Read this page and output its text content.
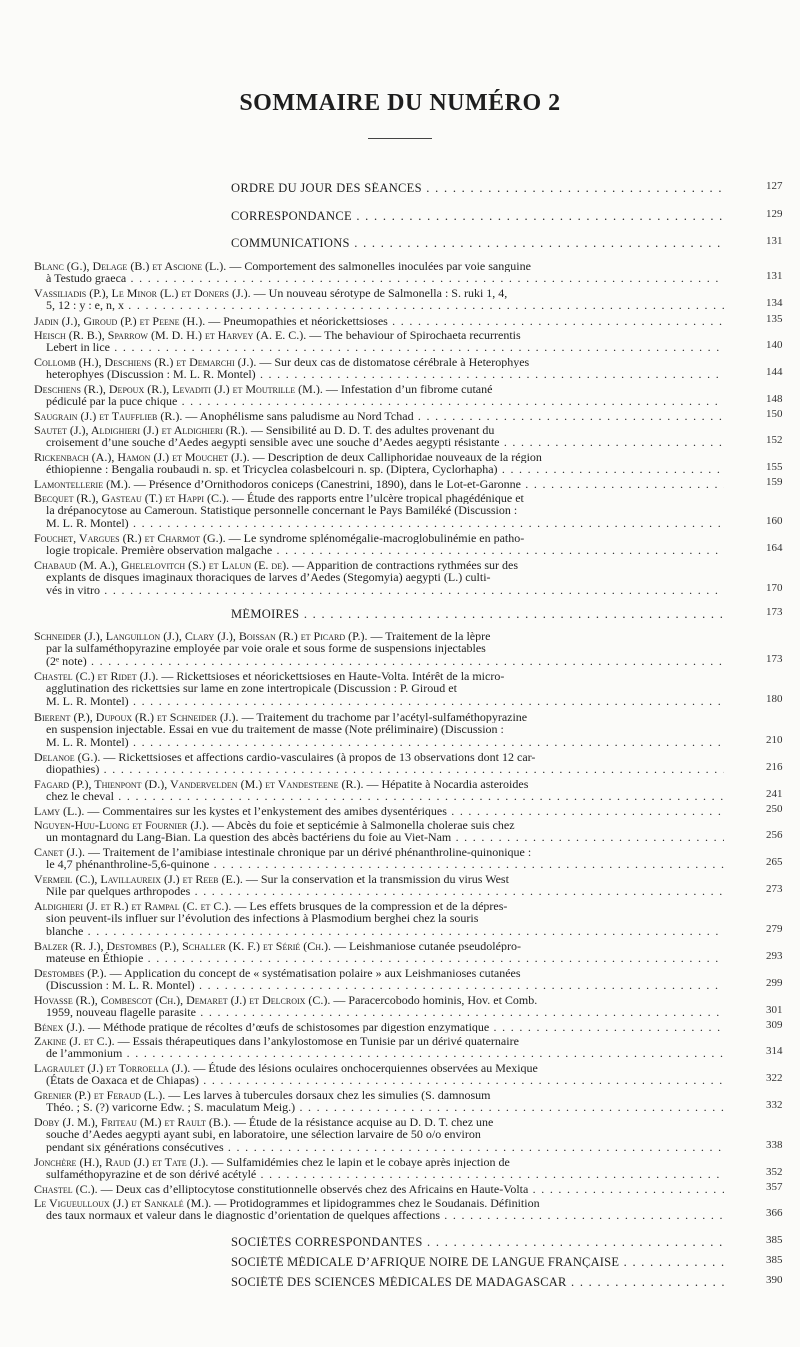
SOMMAIRE DU NUMÉRO 2
ORDRE DU JOUR DES SÉANCES . . .	127
CORRESPONDANCE . . .	129
COMMUNICATIONS . . .	131
Blanc (G.), Delage (B.) et Ascione (L.). — Comportement des salmonelles inoculées par voie sanguine
à Testudo graeca . . .	131
Vassiliadis (P.), Le Minor (L.) et Doners (J.). — Un nouveau sérotype de Salmonella : S. ruki 1, 4,
5, 12 : y : e, n, x . . .	134
Jadin (J.), Giroud (P.) et Peene (H.). — Pneumopathies et néorickettsioses . . .	135
Heisch (R. B.), Sparrow (M. D. H.) et Harvey (A. E. C.). — The behaviour of Spirochaeta recurrentis
Lebert in lice . . .	140
Collomb (H.), Deschiens (R.) et Demarchi (J.). — Sur deux cas de distomatose cérébrale à Heterophyes
heterophyes (Discussion : M. L. R. Montel) . . .	144
Deschiens (R.), Depoux (R.), Levaditi (J.) et Moutrille (M.). — Infestation d’un fibrome cutané
pédiculé par la puce chique . . .	148
Saugrain (J.) et Taufflieb (R.). — Anophélisme sans paludisme au Nord Tchad . . .	150
Sautet (J.), Aldighieri (J.) et Aldighieri (R.). — Sensibilité au D. D. T. des adultes provenant du
croisement d’une souche d’Aedes aegypti sensible avec une souche d’Aedes aegypti résistante . . .	152
Rickenbach (A.), Hamon (J.) et Mouchet (J.). — Description de deux Calliphoridae nouveaux de la région
éthiopienne : Bengalia roubaudi n. sp. et Tricyclea colasbelcouri n. sp. (Diptera, Cyclorhapha) . . .	155
Lamontellerie (M.). — Présence d’Ornithodoros coniceps (Canestrini, 1890), dans le Lot-et-Garonne . . .	159
Becquet (R.), Gasteau (T.) et Happi (C.). — Étude des rapports entre l’ulcère tropical phagédénique et
la drépanocytose au Cameroun. Statistique personnelle concernant le Pays Bamiléké (Discussion :
M. L. R. Montel) . . .	160
Fouchet, Vargues (R.) et Charmot (G.). — Le syndrome splénomégalie-macroglobulinémie en patho-
logie tropicale. Première observation malgache . . .	164
Chabaud (M. A.), Ghelelovitch (S.) et Lalun (E. de). — Apparition de contractions rythmées sur des
explants de disques imaginaux thoraciques de larves d’Aedes (Stegomyia) aegypti (L.) culti-
vés in vitro . . .	170
MÉMOIRES . . .	173
Schneider (J.), Languillon (J.), Clary (J.), Boissan (R.) et Picard (P.). — Traitement de la lèpre
par la sulfaméthopyrazine employée par voie orale et sous forme de suspensions injectables
(2ᵉ note) . . .	173
Chastel (C.) et Ridet (J.). — Rickettsioses et néorickettsioses en Haute-Volta. Intérêt de la micro-
agglutination des rickettsies sur lame en zone intertropicale (Discussion : P. Giroud et
M. L. R. Montel) . . .	180
Bierent (P.), Dupoux (R.) et Schneider (J.). — Traitement du trachome par l’acétyl-sulfaméthopyrazine
en suspension injectable. Essai en vue du traitement de masse (Note préliminaire) (Discussion :
M. L. R. Montel) . . .	210
Delanoe (G.). — Rickettsioses et affections cardio-vasculaires (à propos de 13 observations dont 12 car-
diopathies) . . .	216
Fagard (P.), Thienpont (D.), Vandervelden (M.) et Vandesteene (R.). — Hépatite à Nocardia asteroides
chez le cheval . . .	241
Lamy (L.). — Commentaires sur les kystes et l’enkystement des amibes dysentériques . . .	250
Nguyen-Huu-Luong et Fournier (J.). — Abcès du foie et septicémie à Salmonella cholerae suis chez
un montagnard du Lang-Bian. La question des abcès bactériens du foie au Viet-Nam . . .	256
Canet (J.). — Traitement de l’amibiase intestinale chronique par un dérivé phénanthroline-quinonique :
le 4,7 phénanthroline-5,6-quinone . . .	265
Vermeil (C.), Lavillaureix (J.) et Reeb (E.). — Sur la conservation et la transmission du virus West
Nile par quelques arthropodes . . .	273
Aldighieri (J. et R.) et Rampal (C. et C.). — Les effets brusques de la compression et de la dépres-
sion peuvent-ils influer sur l’évolution des infections à Plasmodium berghei chez la souris
blanche . . .	279
Balzer (R. J.), Destombes (P.), Schaller (K. F.) et Sérié (Ch.). — Leishmaniose cutanée pseudolépro-
mateuse en Éthiopie . . .	293
Destombes (P.). — Application du concept de « systématisation polaire » aux Leishmanioses cutanées
(Discussion : M. L. R. Montel) . . .	299
Hovasse (R.), Combescot (Ch.), Demaret (J.) et Delcroix (C.). — Paracercobodo hominis, Hov. et Comb.
1959, nouveau flagelle parasite . . .	301
Bénex (J.). — Méthode pratique de récoltes d’œufs de schistosomes par digestion enzymatique . . .	309
Zakine (J. et C.). — Essais thérapeutiques dans l’ankylostomose en Tunisie par un dérivé quaternaire
de l’ammonium . . .	314
Lagraulet (J.) et Torroella (J.). — Étude des lésions oculaires onchocerquiennes observées au Mexique
(États de Oaxaca et de Chiapas) . . .	322
Grenier (P.) et Feraud (L.). — Les larves à tubercules dorsaux chez les simulies (S. damnosum
Théo. ; S. (?) varicorne Edw. ; S. maculatum Meig.) . . .	332
Doby (J. M.), Friteau (M.) et Rault (B.). — Étude de la résistance acquise au D. D. T. chez une
souche d’Aedes aegypti ayant subi, en laboratoire, une sélection larvaire de 50 o/o environ
pendant six générations consécutives . . .	338
Jonchère (H.), Raud (J.) et Tate (J.). — Sulfamidémies chez le lapin et le cobaye après injection de
sulfaméthopyrazine et de son dérivé acétylé . . .	352
Chastel (C.). — Deux cas d’elliptocytose constitutionnelle observés chez des Africains en Haute-Volta . . .	357
Le Vigueulloux (J.) et Sankalé (M.). — Protidogrammes et lipidogrammes chez le Soudanais. Définition
des taux normaux et valeur dans le diagnostic d’orientation de quelques affections . . .	366
SOCIÉTÉS CORRESPONDANTES . . .	385
SOCIÉTÉ MÉDICALE D’AFRIQUE NOIRE DE LANGUE FRANÇAISE . . .	385
SOCIÉTÉ DES SCIENCES MÉDICALES DE MADAGASCAR . . .	390
